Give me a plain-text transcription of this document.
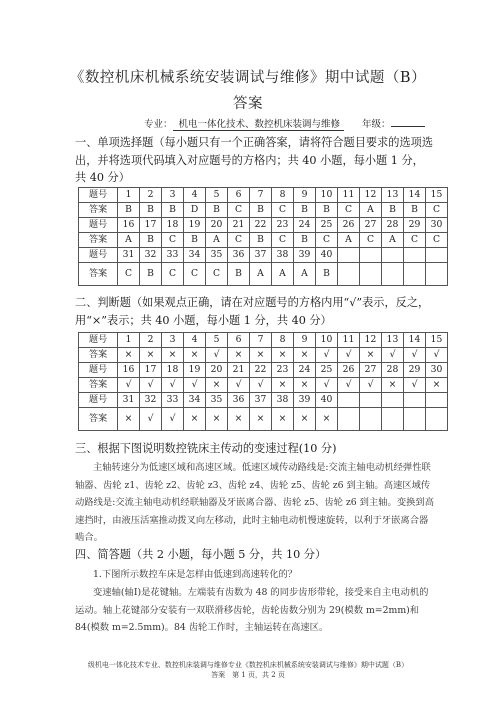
《数控机床机械系统安装调试与维修》期中试题（B）
答案
专业： 机电一体化技术、数控机床装调与维修 年级：
一、单项选择题（每小题只有一个正确答案，请将符合题目要求的选项选出，并将选项代码填入对应题号的方格内；共 40 小题，每小题 1 分，共 40 分）
题号	1	2	3	4	5	6	7	8	9	10	11	12	13	14	15
答案	B	B	B	D	B	C	B	C	B	B	C	A	B	B	C
题号	16	17	18	19	20	21	22	23	24	25	26	27	28	29	30
答案	A	B	C	B	A	C	B	C	B	C	A	C	A	C	C
题号	31	32	33	34	35	36	37	38	39	40					
答案	C	B	C	C	C	B	A	A	A	B					
二、判断题（如果观点正确，请在对应题号的方格内用“√”表示，反之，用“×”表示；共 40 小题，每小题 1 分，共 40 分）
题号	1	2	3	4	5	6	7	8	9	10	11	12	13	14	15
答案	×	×	×	×	√	×	×	×	×	√	√	×	√	√	√
题号	16	17	18	19	20	21	22	23	24	25	26	27	28	29	30
答案	√	√	√	√	×	√	√	×	×	√	√	√	×	√	×
题号	31	32	33	34	35	36	37	38	39	40					
答案	×	√	√	×	×	×	×	×	×	×					
三、根据下图说明数控铣床主传动的变速过程(10 分)
主轴转速分为低速区域和高速区域。低速区域传动路线是:交流主轴电动机经弹性联轴器、齿轮 z1、齿轮 z2、齿轮 z3、齿轮 z4、齿轮 z5、齿轮 z6 到主轴。高速区域传动路线是:交流主轴电动机经联轴器及牙嵌离合器、齿轮 z5、齿轮 z6 到主轴。变换到高速挡时，由液压活塞推动拨叉向左移动，此时主轴电动机慢速旋转，以利于牙嵌离合器啮合。
四、简答题（共 2 小题，每小题 5 分，共 10 分）
1.下图所示数控车床是怎样由低速到高速转化的？
变速轴(轴Ⅰ)是花键轴。左端装有齿数为 48 的同步齿形带轮，接受来自主电动机的运动。轴上花键部分安装有一双联滑移齿轮，齿轮齿数分别为 29(模数 m=2mm)和 84(模数 m=2.5mm)。84 齿轮工作时，主轴运转在高速区。
级机电一体化技术专业、数控机床装调与维修专业《数控机床机械系统安装调试与维修》期中试题（B）
答案　第 1 页，共 2 页
